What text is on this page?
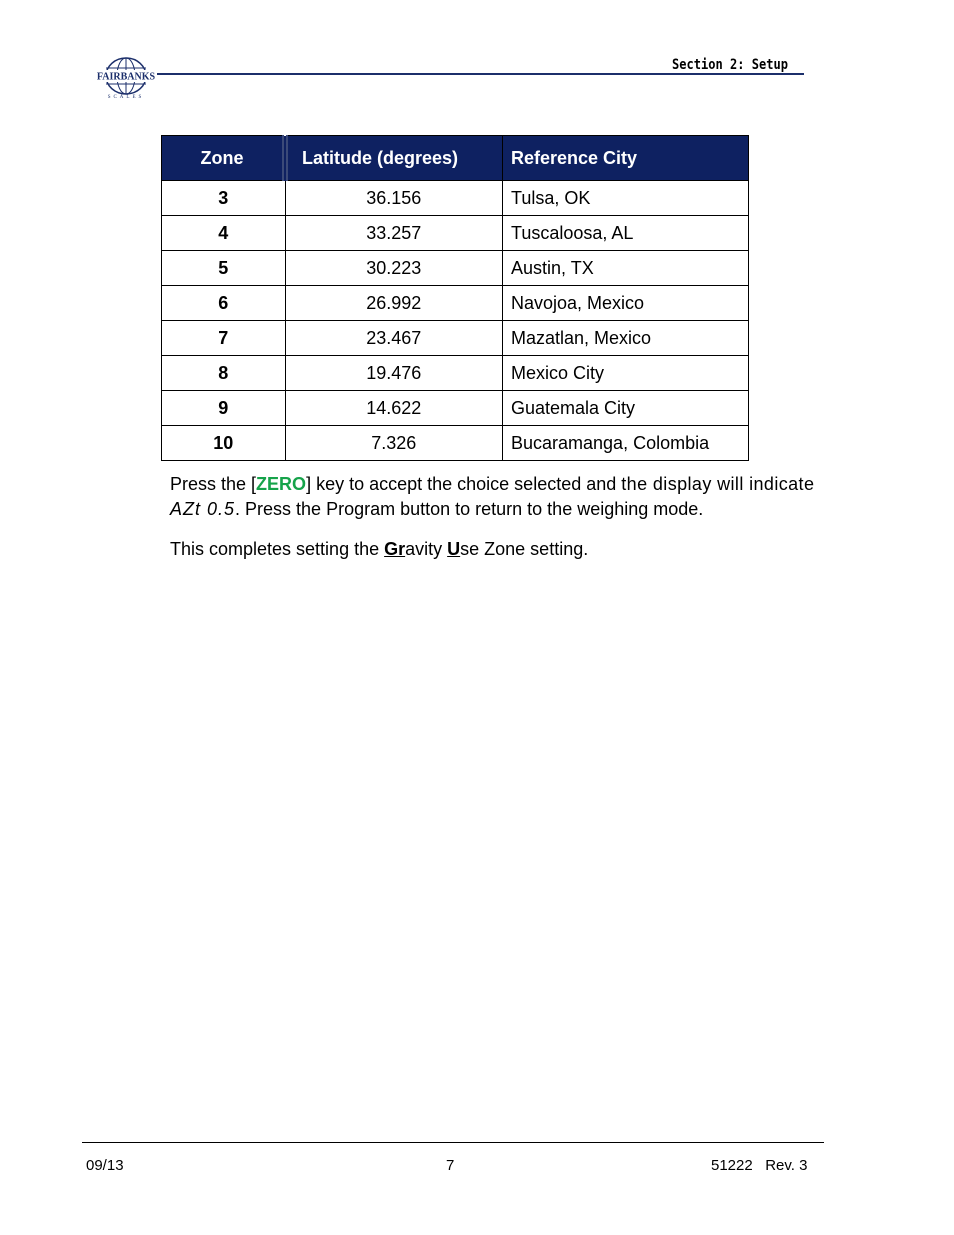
FAIRBANKS
SCALES
Section 2: Setup
Zone	Latitude (degrees)	Reference City
3	36.156	Tulsa, OK
4	33.257	Tuscaloosa, AL
5	30.223	Austin, TX
6	26.992	Navojoa, Mexico
7	23.467	Mazatlan, Mexico
8	19.476	Mexico City
9	14.622	Guatemala City
10	7.326	Bucaramanga, Colombia
Press the [ZERO] key to accept the choice selected and the display will indicate
AZt 0.5. Press the Program button to return to the weighing mode.
This completes setting the Gravity Use Zone setting.
09/13	7	51222   Rev. 3
